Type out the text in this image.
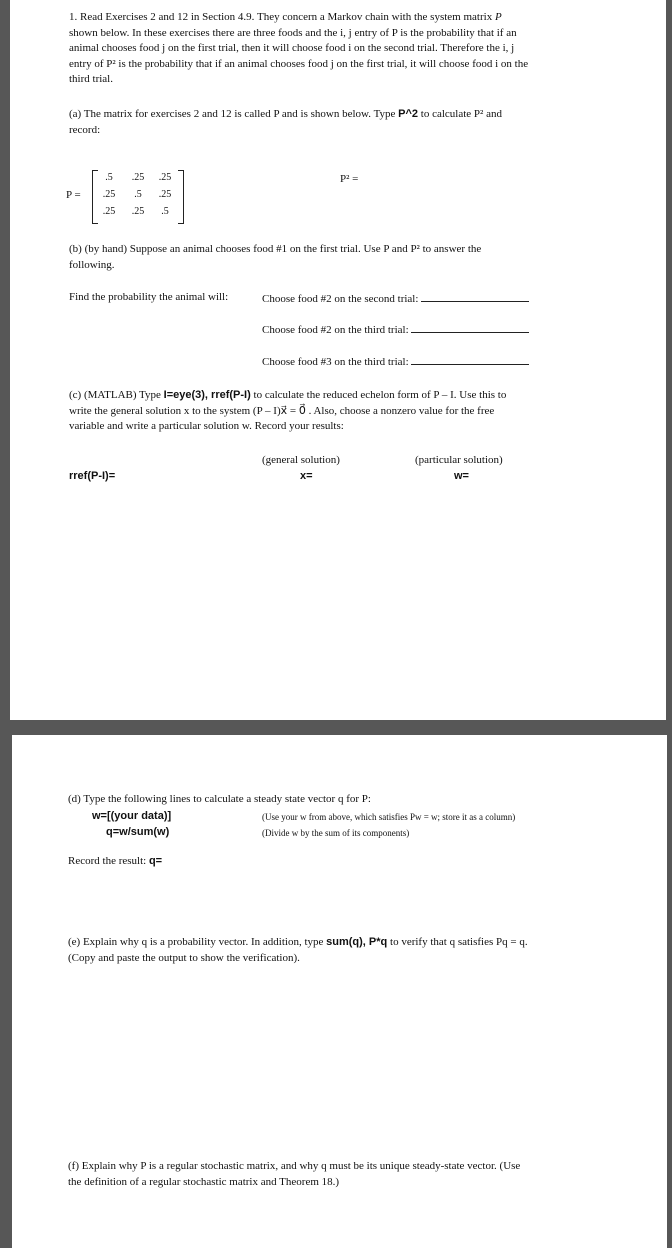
1. Read Exercises 2 and 12 in Section 4.9. They concern a Markov chain with the system matrix P
shown below. In these exercises there are three foods and the i, j entry of P is the probability that if an
animal chooses food j on the first trial, then it will choose food i on the second trial. Therefore the i, j
entry of P² is the probability that if an animal chooses food j on the first trial, it will choose food i on the
third trial.
(a) The matrix for exercises 2 and 12 is called P and is shown below. Type P^2 to calculate P² and
record:
P =
.5	.25	.25
.25	.5	.25
.25	.25	.5
P² =
(b) (by hand) Suppose an animal chooses food #1 on the first trial. Use P and P² to answer the
following.
Find the probability the animal will:	Choose food #2 on the second trial:
Choose food #2 on the third trial:
Choose food #3 on the third trial:
(c) (MATLAB) Type I=eye(3), rref(P-I) to calculate the reduced echelon form of P – I. Use this to
write the general solution x to the system (P – I)x⃗ = 0⃗ . Also, choose a nonzero value for the free
variable and write a particular solution w. Record your results:
(general solution)	(particular solution)
rref(P-I)=	x=	w=
(d) Type the following lines to calculate a steady state vector q for P:
w=[(your data)]	(Use your w from above, which satisfies Pw = w; store it as a column)
q=w/sum(w)	(Divide w by the sum of its components)
Record the result: q=
(e) Explain why q is a probability vector. In addition, type sum(q), P*q to verify that q satisfies Pq = q.
(Copy and paste the output to show the verification).
(f) Explain why P is a regular stochastic matrix, and why q must be its unique steady-state vector. (Use
the definition of a regular stochastic matrix and Theorem 18.)
